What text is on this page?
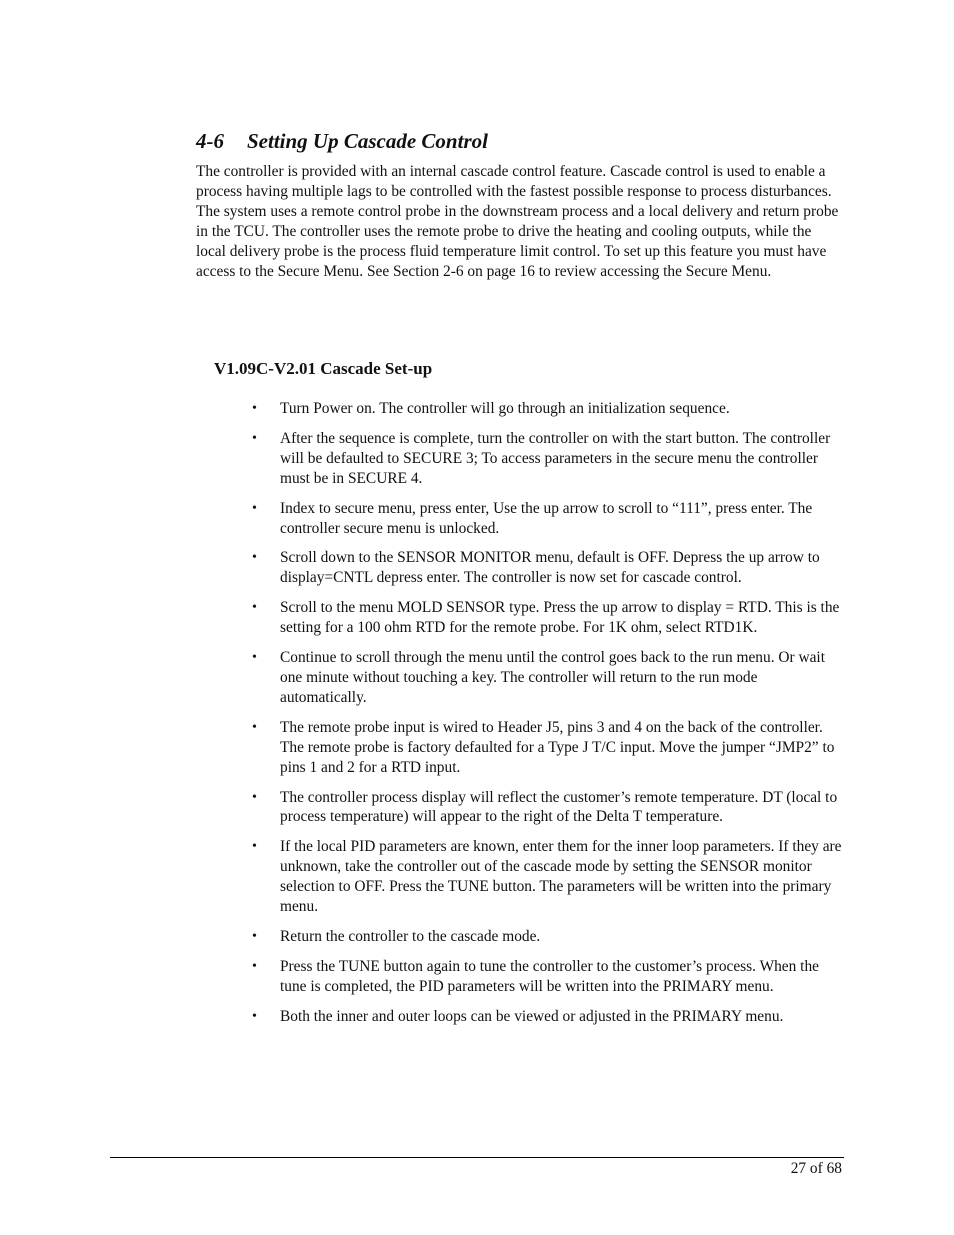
4-6 Setting Up Cascade Control

The controller is provided with an internal cascade control feature. Cascade control is used to enable a process having multiple lags to be controlled with the fastest possible response to process disturbances. The system uses a remote control probe in the downstream process and a local delivery and return probe in the TCU. The controller uses the remote probe to drive the heating and cooling outputs, while the local delivery probe is the process fluid temperature limit control. To set up this feature you must have access to the Secure Menu. See Section 2-6 on page 16 to review accessing the Secure Menu.

V1.09C-V2.01 Cascade Set-up
•	Turn Power on. The controller will go through an initialization sequence.
•	After the sequence is complete, turn the controller on with the start button. The controller will be defaulted to SECURE 3; To access parameters in the secure menu the controller must be in SECURE 4.
•	Index to secure menu, press enter, Use the up arrow to scroll to “111”, press enter. The controller secure menu is unlocked.
•	Scroll down to the SENSOR MONITOR menu, default is OFF. Depress the up arrow to display=CNTL depress enter. The controller is now set for cascade control.
•	Scroll to the menu MOLD SENSOR type. Press the up arrow to display = RTD. This is the setting for a 100 ohm RTD for the remote probe. For 1K ohm, select RTD1K.
•	Continue to scroll through the menu until the control goes back to the run menu. Or wait one minute without touching a key. The controller will return to the run mode automatically.
•	The remote probe input is wired to Header J5, pins 3 and 4 on the back of the controller. The remote probe is factory defaulted for a Type J T/C input. Move the jumper “JMP2” to pins 1 and 2 for a RTD input.
•	The controller process display will reflect the customer’s remote temperature. DT (local to process temperature) will appear to the right of the Delta T temperature.
•	If the local PID parameters are known, enter them for the inner loop parameters. If they are unknown, take the controller out of the cascade mode by setting the SENSOR monitor selection to OFF. Press the TUNE button. The parameters will be written into the primary menu.
•	Return the controller to the cascade mode.
•	Press the TUNE button again to tune the controller to the customer’s process. When the tune is completed, the PID parameters will be written into the PRIMARY menu.
•	Both the inner and outer loops can be viewed or adjusted in the PRIMARY menu.
27 of 68
